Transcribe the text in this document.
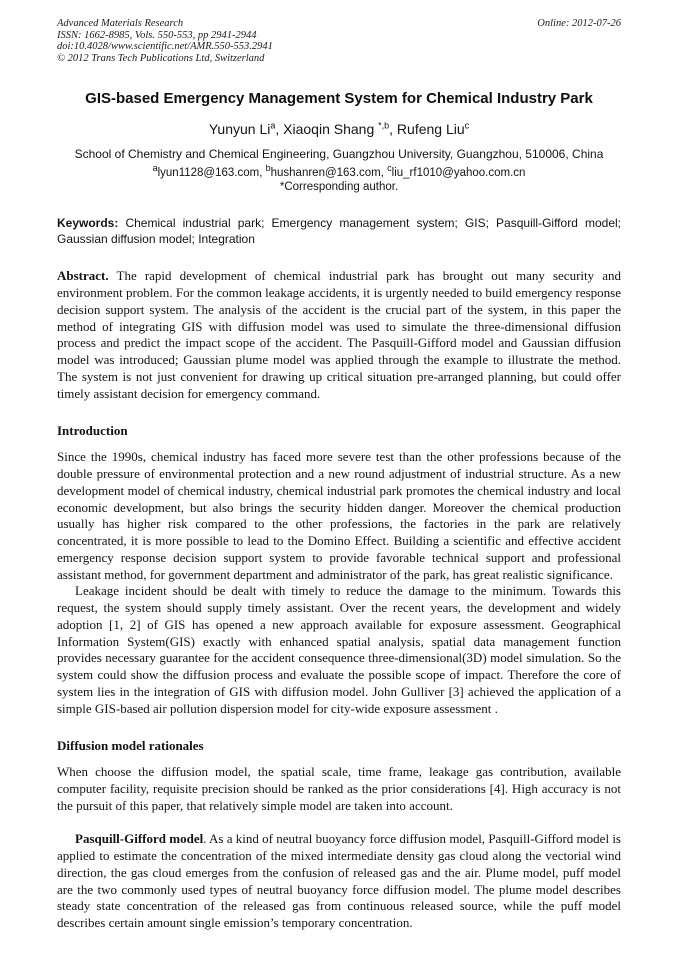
Advanced Materials Research
ISSN: 1662-8985, Vols. 550-553, pp 2941-2944
doi:10.4028/www.scientific.net/AMR.550-553.2941
© 2012 Trans Tech Publications Ltd, Switzerland
Online: 2012-07-26
GIS-based Emergency Management System for Chemical Industry Park
Yunyun Li$^a$, Xiaoqin Shang $^{*,b}$, Rufeng Liu$^c$
School of Chemistry and Chemical Engineering, Guangzhou University, Guangzhou, 510006, China
$^a$lyun1128@163.com, $^b$hushanren@163.com, $^c$liu_rf1010@yahoo.com.cn
*Corresponding author.

Keywords: Chemical industrial park; Emergency management system; GIS; Pasquill-Gifford model; Gaussian diffusion model; Integration

Abstract. The rapid development of chemical industrial park has brought out many security and environment problem. For the common leakage accidents, it is urgently needed to build emergency response decision support system. The analysis of the accident is the crucial part of the system, in this paper the method of integrating GIS with diffusion model was used to simulate the three-dimensional diffusion process and predict the impact scope of the accident. The Pasquill-Gifford model and Gaussian diffusion model was introduced; Gaussian plume model was applied through the example to illustrate the method. The system is not just convenient for drawing up critical situation pre-arranged planning, but could offer timely assistant decision for emergency command.

Introduction

Since the 1990s, chemical industry has faced more severe test than the other professions because of the double pressure of environmental protection and a new round adjustment of industrial structure. As a new development model of chemical industry, chemical industrial park promotes the chemical industry and local economic development, but also brings the security hidden danger. Moreover the chemical production usually has higher risk compared to the other professions, the factories in the park are relatively concentrated, it is more possible to lead to the Domino Effect. Building a scientific and effective accident emergency response decision support system to provide favorable technical support and professional assistant method, for government department and administrator of the park, has great realistic significance.

Leakage incident should be dealt with timely to reduce the damage to the minimum. Towards this request, the system should supply timely assistant. Over the recent years, the development and widely adoption [1, 2] of GIS has opened a new approach available for exposure assessment. Geographical Information System(GIS) exactly with enhanced spatial analysis, spatial data management function provides necessary guarantee for the accident consequence three-dimensional(3D) model simulation. So the system could show the diffusion process and evaluate the possible scope of impact. Therefore the core of system lies in the integration of GIS with diffusion model. John Gulliver [3] achieved the application of a simple GIS-based air pollution dispersion model for city-wide exposure assessment .

Diffusion model rationales

When choose the diffusion model, the spatial scale, time frame, leakage gas contribution, available computer facility, requisite precision should be ranked as the prior considerations [4]. High accuracy is not the pursuit of this paper, that relatively simple model are taken into account.

Pasquill-Gifford model. As a kind of neutral buoyancy force diffusion model, Pasquill-Gifford model is applied to estimate the concentration of the mixed intermediate density gas cloud along the vectorial wind direction, the gas cloud emerges from the confusion of released gas and the air. Plume model, puff model are the two commonly used types of neutral buoyancy force diffusion model. The plume model describes steady state concentration of the released gas from continuous released source, while the puff model describes certain amount single emission’s temporary concentration.
